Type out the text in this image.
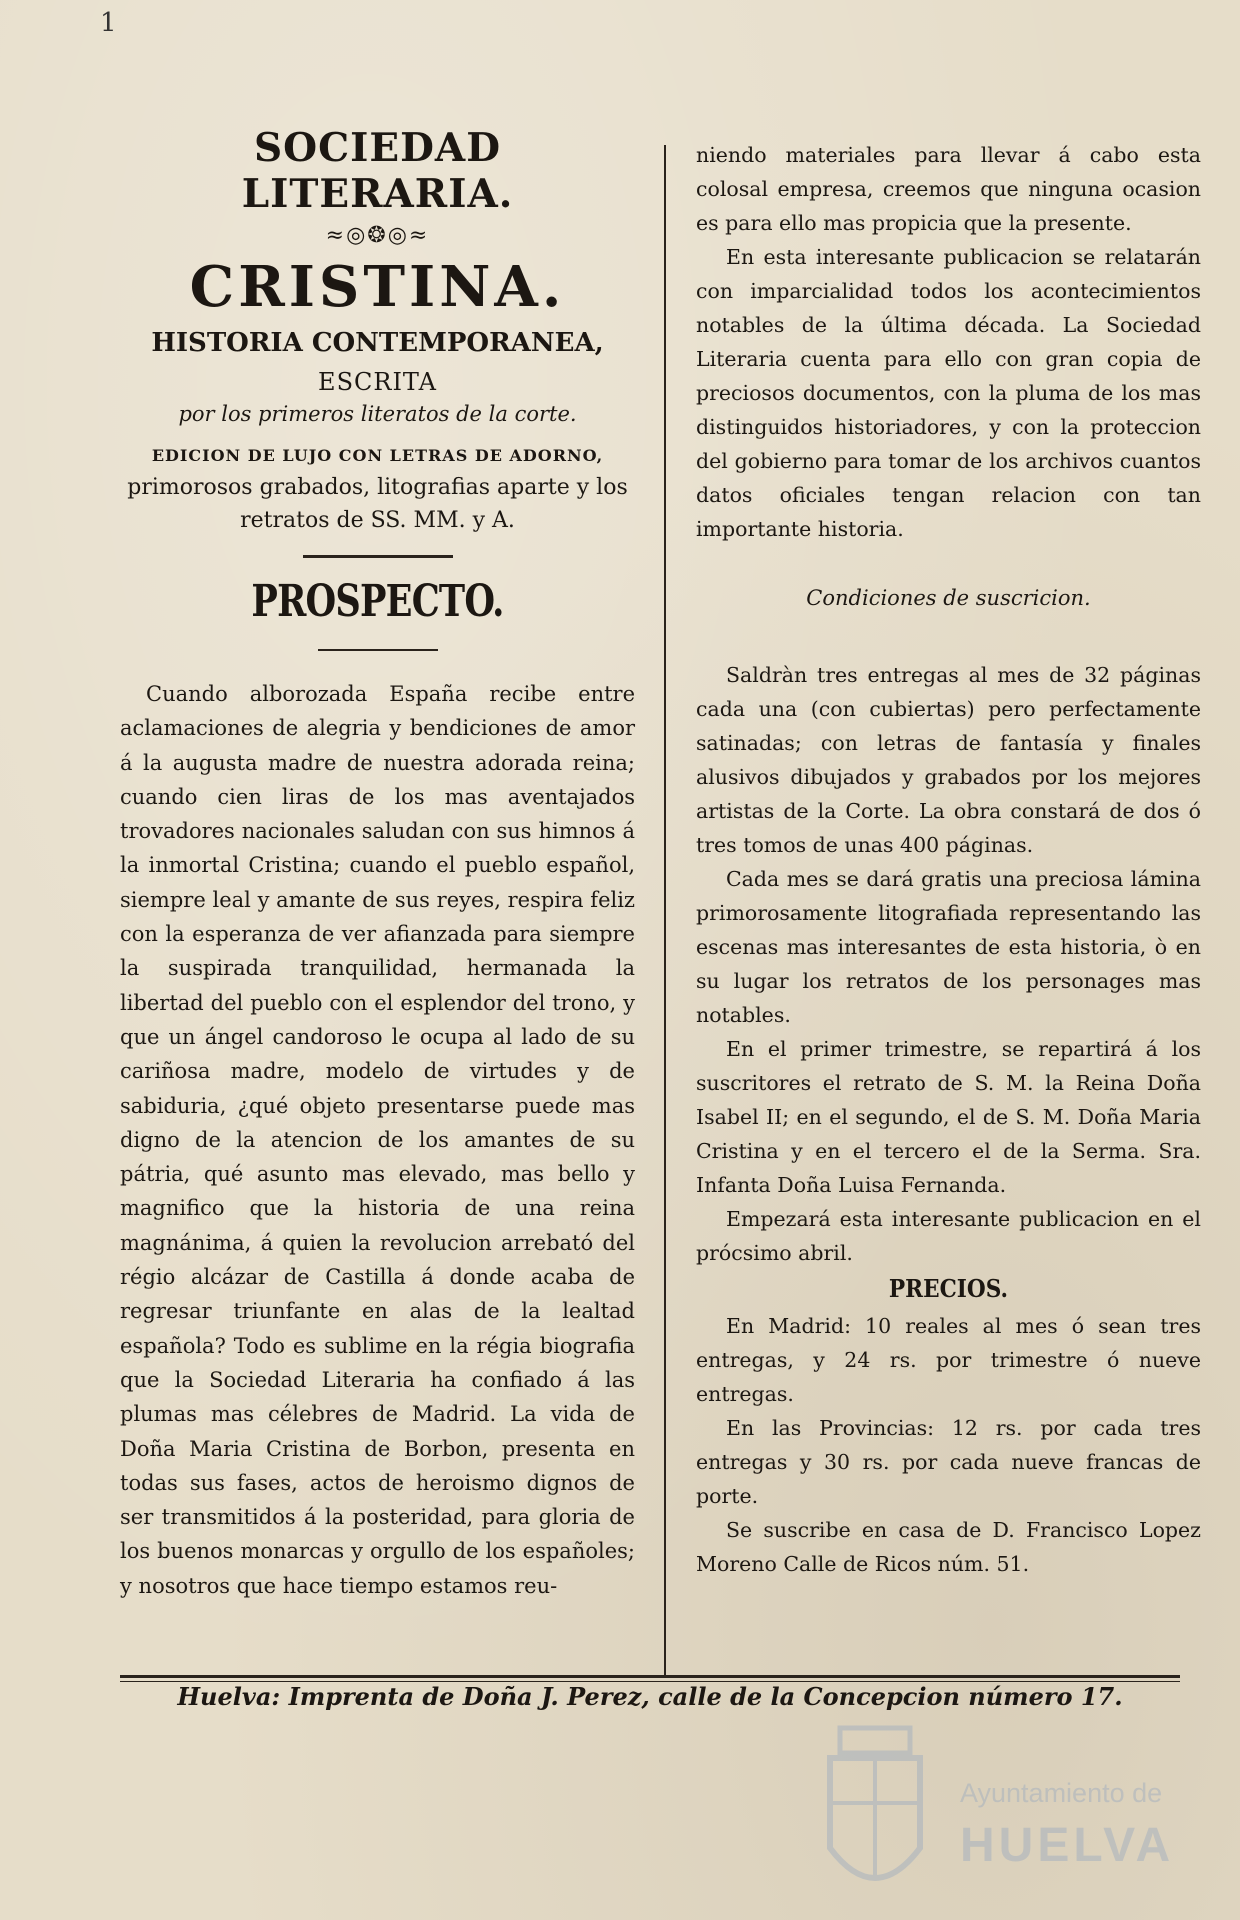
1
SOCIEDAD LITERARIA.
≈◎❂◎≈
CRISTINA.
HISTORIA CONTEMPORANEA,
ESCRITA
por los primeros literatos de la corte.
EDICION DE LUJO CON LETRAS DE ADORNO,
primorosos grabados, litografias aparte y los retratos de SS. MM. y A.
PROSPECTO.

Cuando alborozada España recibe entre aclamaciones de alegria y bendiciones de amor á la augusta madre de nuestra adorada reina; cuando cien liras de los mas aventajados trovadores nacionales saludan con sus himnos á la inmortal Cristina; cuando el pueblo español, siempre leal y amante de sus reyes, respira feliz con la esperanza de ver afianzada para siempre la suspirada tranquilidad, hermanada la libertad del pueblo con el esplendor del trono, y que un ángel candoroso le ocupa al lado de su cariñosa madre, modelo de virtudes y de sabiduria, ¿qué objeto presentarse puede mas digno de la atencion de los amantes de su pátria, qué asunto mas elevado, mas bello y magnifico que la historia de una reina magnánima, á quien la revolucion arrebató del régio alcázar de Castilla á donde acaba de regresar triunfante en alas de la lealtad española? Todo es sublime en la régia biografia que la Sociedad Literaria ha confiado á las plumas mas célebres de Madrid. La vida de Doña Maria Cristina de Borbon, presenta en todas sus fases, actos de heroismo dignos de ser transmitidos á la posteridad, para gloria de los buenos monarcas y orgullo de los españoles; y nosotros que hace tiempo estamos reu-

niendo materiales para llevar á cabo esta colosal empresa, creemos que ninguna ocasion es para ello mas propicia que la presente.

En esta interesante publicacion se relatarán con imparcialidad todos los acontecimientos notables de la última década. La Sociedad Literaria cuenta para ello con gran copia de preciosos documentos, con la pluma de los mas distinguidos historiadores, y con la proteccion del gobierno para tomar de los archivos cuantos datos oficiales tengan relacion con tan importante historia.

Condiciones de suscricion.

Saldràn tres entregas al mes de 32 páginas cada una (con cubiertas) pero perfectamente satinadas; con letras de fantasía y finales alusivos dibujados y grabados por los mejores artistas de la Corte. La obra constará de dos ó tres tomos de unas 400 páginas.

Cada mes se dará gratis una preciosa lámina primorosamente litografiada representando las escenas mas interesantes de esta historia, ò en su lugar los retratos de los personages mas notables.

En el primer trimestre, se repartirá á los suscritores el retrato de S. M. la Reina Doña Isabel II; en el segundo, el de S. M. Doña Maria Cristina y en el tercero el de la Serma. Sra. Infanta Doña Luisa Fernanda.

Empezará esta interesante publicacion en el prócsimo abril.

PRECIOS.

En Madrid: 10 reales al mes ó sean tres entregas, y 24 rs. por trimestre ó nueve entregas.

En las Provincias: 12 rs. por cada tres entregas y 30 rs. por cada nueve francas de porte.

Se suscribe en casa de D. Francisco Lopez Moreno Calle de Ricos núm. 51.

Huelva: Imprenta de Doña J. Perez, calle de la Concepcion número 17.
Ayuntamiento de
HUELVA
